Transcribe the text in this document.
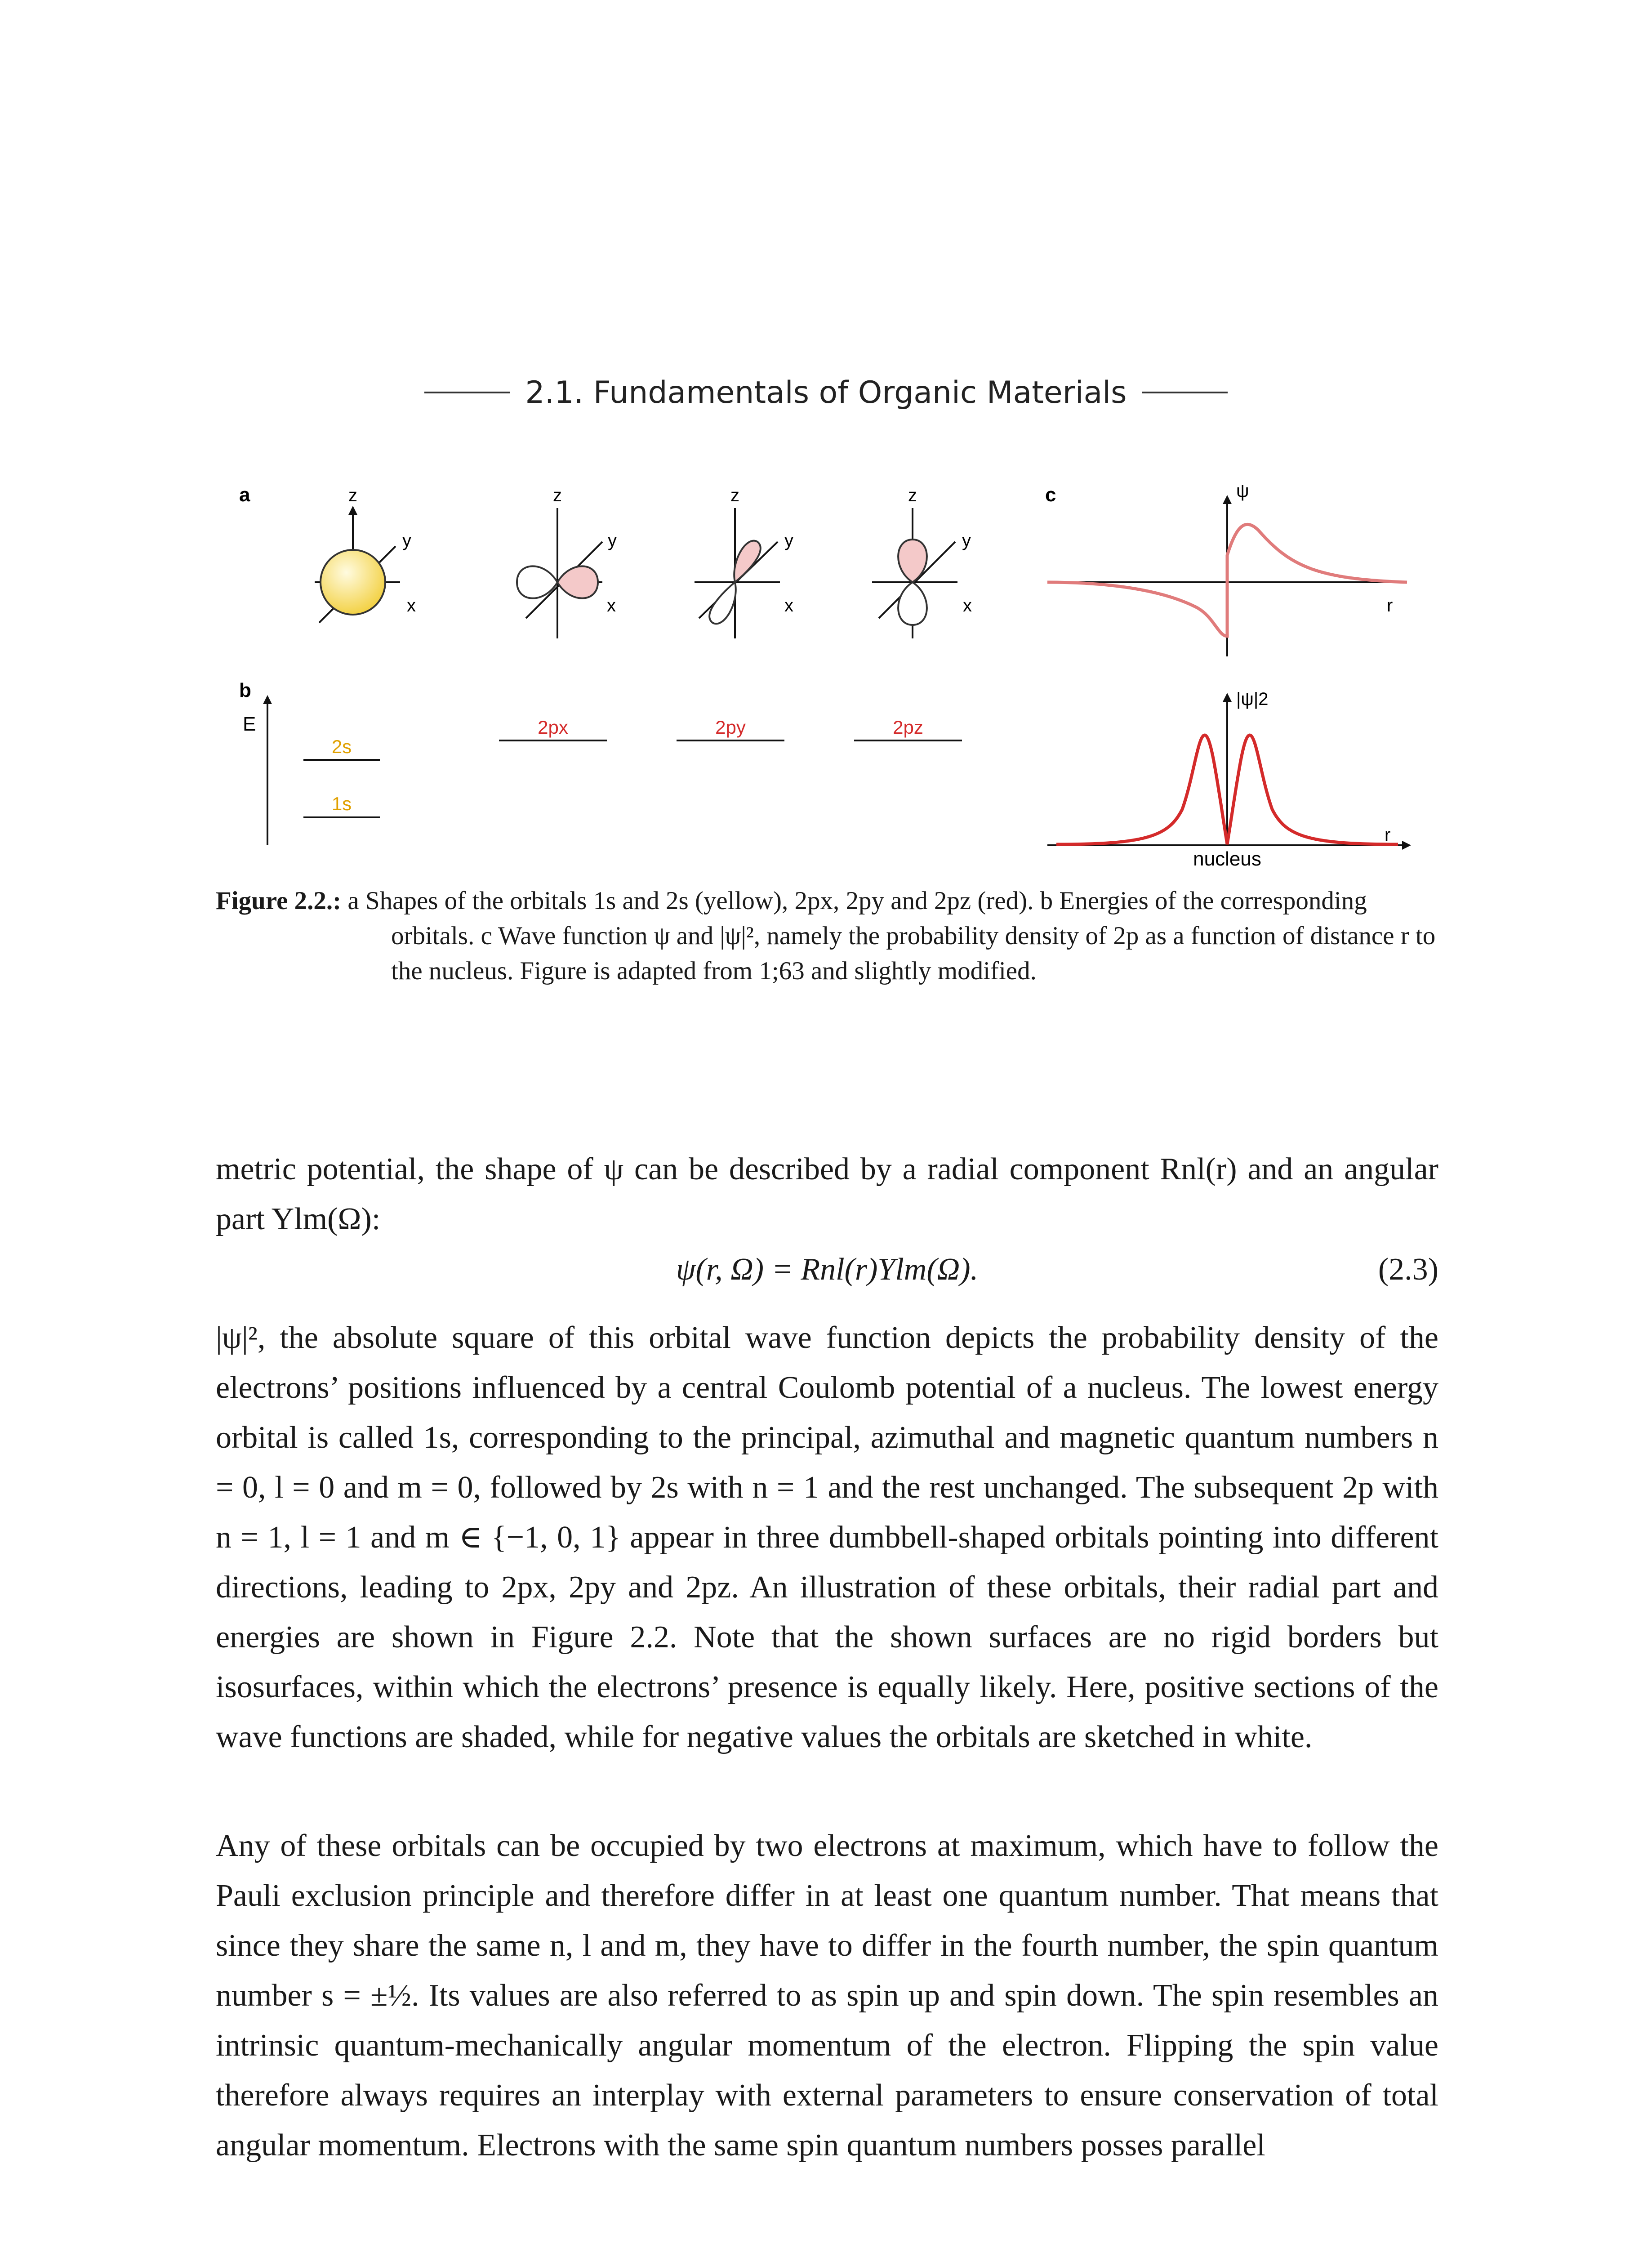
2.1. Fundamentals of Organic Materials
a
b
c
z
y
x
z
y
x
z
y
x
z
y
x
E
2s
1s
2px	2py	2pz
ψ
r
|ψ|2
r
nucleus
Figure 2.2.: a Shapes of the orbitals 1s and 2s (yellow), 2px, 2py and 2pz (red). b Energies of the corresponding orbitals. c Wave function ψ and |ψ|², namely the probability density of 2p as a function of distance r to the nucleus. Figure is adapted from 1;63 and slightly modified.

metric potential, the shape of ψ can be described by a radial component Rnl(r) and an angular part Ylm(Ω):

ψ(r, Ω) = Rnl(r)Ylm(Ω).	(2.3)

|ψ|², the absolute square of this orbital wave function depicts the probability density of the electrons’ positions influenced by a central Coulomb potential of a nucleus. The lowest energy orbital is called 1s, corresponding to the principal, azimuthal and magnetic quantum numbers n = 0, l = 0 and m = 0, followed by 2s with n = 1 and the rest unchanged. The subsequent 2p with n = 1, l = 1 and m ∈ {−1, 0, 1} appear in three dumbbell-shaped orbitals pointing into different directions, leading to 2px, 2py and 2pz. An illustration of these orbitals, their radial part and energies are shown in Figure 2.2. Note that the shown surfaces are no rigid borders but isosurfaces, within which the electrons’ presence is equally likely. Here, positive sections of the wave functions are shaded, while for negative values the orbitals are sketched in white.

Any of these orbitals can be occupied by two electrons at maximum, which have to follow the Pauli exclusion principle and therefore differ in at least one quantum number. That means that since they share the same n, l and m, they have to differ in the fourth number, the spin quantum number s = ±½. Its values are also referred to as spin up and spin down. The spin resembles an intrinsic quantum-mechanically angular momentum of the electron. Flipping the spin value therefore always requires an interplay with external parameters to ensure conservation of total angular momentum. Electrons with the same spin quantum numbers posses parallel
